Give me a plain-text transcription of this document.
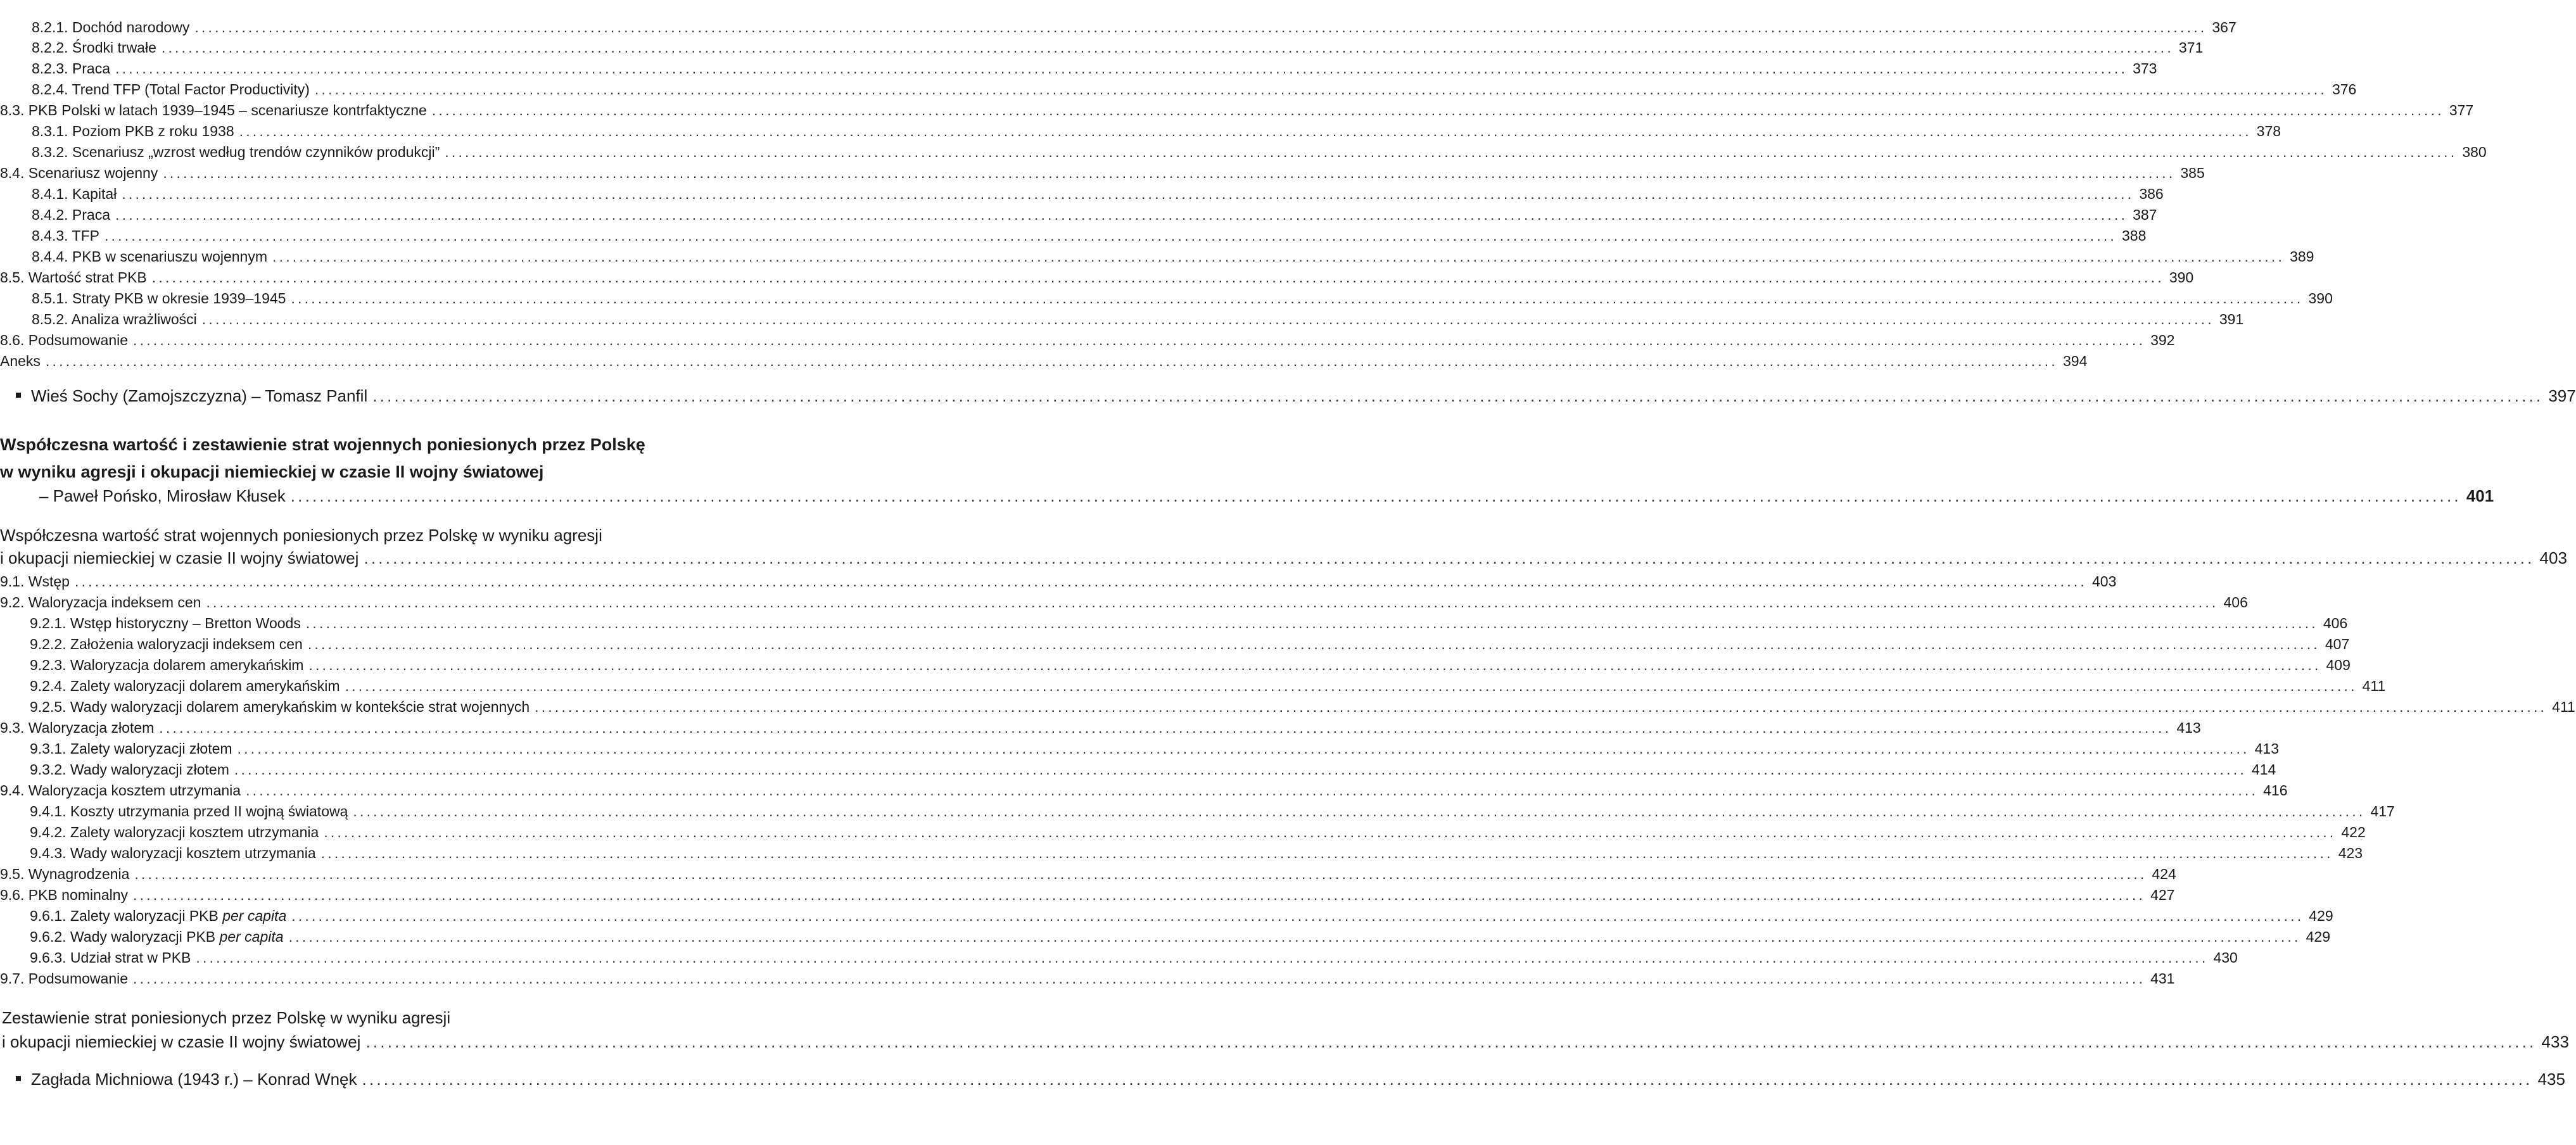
8.2.1. Dochód narodowy ............................................................................................................................................................................................................................................................................................................ 367
8.2.2. Środki trwałe ............................................................................................................................................................................................................................................................................................................ 371
8.2.3. Praca ............................................................................................................................................................................................................................................................................................................ 373
8.2.4. Trend TFP (Total Factor Productivity) ............................................................................................................................................................................................................................................................................................................ 376
8.3. PKB Polski w latach 1939–1945 – scenariusze kontrfaktyczne ............................................................................................................................................................................................................................................................................................................ 377
8.3.1. Poziom PKB z roku 1938 ............................................................................................................................................................................................................................................................................................................ 378
8.3.2. Scenariusz „wzrost według trendów czynników produkcji” ............................................................................................................................................................................................................................................................................................................ 380
8.4. Scenariusz wojenny ............................................................................................................................................................................................................................................................................................................ 385
8.4.1. Kapitał ............................................................................................................................................................................................................................................................................................................ 386
8.4.2. Praca ............................................................................................................................................................................................................................................................................................................ 387
8.4.3. TFP ............................................................................................................................................................................................................................................................................................................ 388
8.4.4. PKB w scenariuszu wojennym ............................................................................................................................................................................................................................................................................................................ 389
8.5. Wartość strat PKB ............................................................................................................................................................................................................................................................................................................ 390
8.5.1. Straty PKB w okresie 1939–1945 ............................................................................................................................................................................................................................................................................................................ 390
8.5.2. Analiza wrażliwości ............................................................................................................................................................................................................................................................................................................ 391
8.6. Podsumowanie ............................................................................................................................................................................................................................................................................................................ 392
Aneks ............................................................................................................................................................................................................................................................................................................ 394
Wieś Sochy (Zamojszczyzna) – Tomasz Panfil ............................................................................................................................................................................................................................................................................................................ 397
Współczesna wartość i zestawienie strat wojennych poniesionych przez Polskę
w wyniku agresji i okupacji niemieckiej w czasie II wojny światowej
– Paweł Pońsko, Mirosław Kłusek ............................................................................................................................................................................................................................................................................................................ 401
Współczesna wartość strat wojennych poniesionych przez Polskę w wyniku agresji
i okupacji niemieckiej w czasie II wojny światowej ............................................................................................................................................................................................................................................................................................................ 403
9.1. Wstęp ............................................................................................................................................................................................................................................................................................................ 403
9.2. Waloryzacja indeksem cen ............................................................................................................................................................................................................................................................................................................ 406
9.2.1. Wstęp historyczny – Bretton Woods ............................................................................................................................................................................................................................................................................................................ 406
9.2.2. Założenia waloryzacji indeksem cen ............................................................................................................................................................................................................................................................................................................ 407
9.2.3. Waloryzacja dolarem amerykańskim ............................................................................................................................................................................................................................................................................................................ 409
9.2.4. Zalety waloryzacji dolarem amerykańskim ............................................................................................................................................................................................................................................................................................................ 411
9.2.5. Wady waloryzacji dolarem amerykańskim w kontekście strat wojennych ............................................................................................................................................................................................................................................................................................................ 411
9.3. Waloryzacja złotem ............................................................................................................................................................................................................................................................................................................ 413
9.3.1. Zalety waloryzacji złotem ............................................................................................................................................................................................................................................................................................................ 413
9.3.2. Wady waloryzacji złotem ............................................................................................................................................................................................................................................................................................................ 414
9.4. Waloryzacja kosztem utrzymania ............................................................................................................................................................................................................................................................................................................ 416
9.4.1. Koszty utrzymania przed II wojną światową ............................................................................................................................................................................................................................................................................................................ 417
9.4.2. Zalety waloryzacji kosztem utrzymania ............................................................................................................................................................................................................................................................................................................ 422
9.4.3. Wady waloryzacji kosztem utrzymania ............................................................................................................................................................................................................................................................................................................ 423
9.5. Wynagrodzenia ............................................................................................................................................................................................................................................................................................................ 424
9.6. PKB nominalny ............................................................................................................................................................................................................................................................................................................ 427
9.6.1. Zalety waloryzacji PKB per capita ............................................................................................................................................................................................................................................................................................................ 429
9.6.2. Wady waloryzacji PKB per capita ............................................................................................................................................................................................................................................................................................................ 429
9.6.3. Udział strat w PKB ............................................................................................................................................................................................................................................................................................................ 430
9.7. Podsumowanie ............................................................................................................................................................................................................................................................................................................ 431
Zestawienie strat poniesionych przez Polskę w wyniku agresji
i okupacji niemieckiej w czasie II wojny światowej ............................................................................................................................................................................................................................................................................................................ 433
Zagłada Michniowa (1943 r.) – Konrad Wnęk ............................................................................................................................................................................................................................................................................................................ 435
